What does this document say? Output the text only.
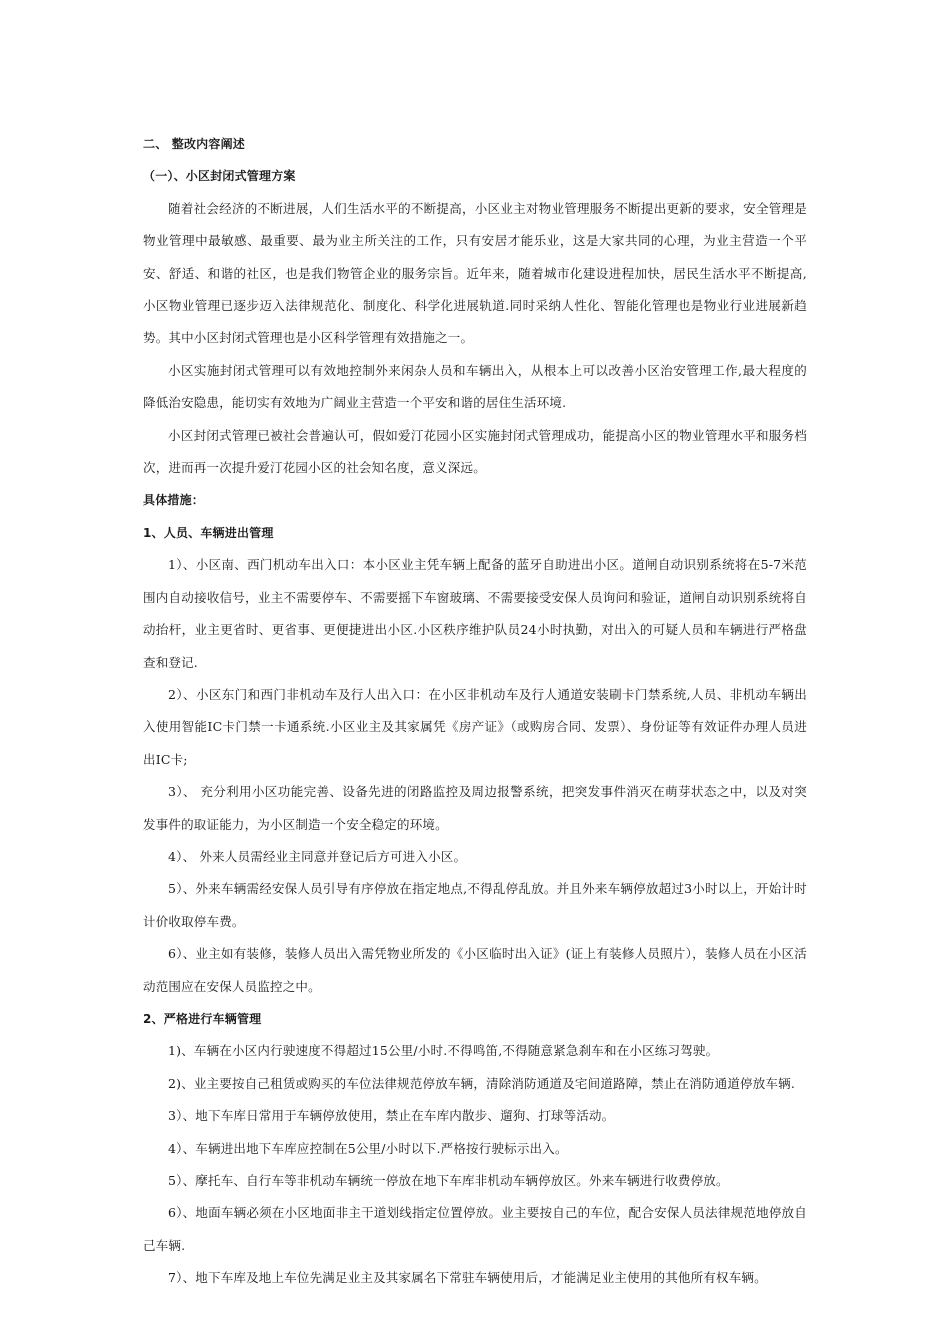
二、 整改内容阐述

（一）、小区封闭式管理方案

随着社会经济的不断进展，人们生活水平的不断提高，小区业主对物业管理服务不断提出更新的要求，安全管理是物业管理中最敏感、最重要、最为业主所关注的工作，只有安居才能乐业，这是大家共同的心理，为业主营造一个平安、舒适、和谐的社区，也是我们物管企业的服务宗旨。近年来，随着城市化建设进程加快，居民生活水平不断提高,小区物业管理已逐步迈入法律规范化、制度化、科学化进展轨道.同时采纳人性化、智能化管理也是物业行业进展新趋势。其中小区封闭式管理也是小区科学管理有效措施之一。

小区实施封闭式管理可以有效地控制外来闲杂人员和车辆出入，从根本上可以改善小区治安管理工作,最大程度的降低治安隐患，能切实有效地为广阔业主营造一个平安和谐的居住生活环境.

小区封闭式管理已被社会普遍认可，假如爱汀花园小区实施封闭式管理成功，能提高小区的物业管理水平和服务档次，进而再一次提升爱汀花园小区的社会知名度，意义深远。

具体措施：

1、人员、车辆进出管理

1）、小区南、西门机动车出入口：本小区业主凭车辆上配备的蓝牙自助进出小区。道闸自动识别系统将在5-7米范围内自动接收信号，业主不需要停车、不需要摇下车窗玻璃、不需要接受安保人员询问和验证，道闸自动识别系统将自动抬杆，业主更省时、更省事、更便捷进出小区.小区秩序维护队员24小时执勤，对出入的可疑人员和车辆进行严格盘查和登记.

2）、小区东门和西门非机动车及行人出入口：在小区非机动车及行人通道安装刷卡门禁系统,人员、非机动车辆出入使用智能IC卡门禁一卡通系统.小区业主及其家属凭《房产证》（或购房合同、发票）、身份证等有效证件办理人员进出IC卡;

3）、 充分利用小区功能完善、设备先进的闭路监控及周边报警系统，把突发事件消灭在萌芽状态之中，以及对突发事件的取证能力，为小区制造一个安全稳定的环境。

4）、 外来人员需经业主同意并登记后方可进入小区。

5）、外来车辆需经安保人员引导有序停放在指定地点,不得乱停乱放。并且外来车辆停放超过3小时以上，开始计时计价收取停车费。

6）、业主如有装修，装修人员出入需凭物业所发的《小区临时出入证》(证上有装修人员照片），装修人员在小区活动范围应在安保人员监控之中。

2、严格进行车辆管理

1)、车辆在小区内行驶速度不得超过15公里/小时.不得鸣笛,不得随意紧急刹车和在小区练习驾驶。

2)、业主要按自己租赁或购买的车位法律规范停放车辆，清除消防通道及宅间道路障，禁止在消防通道停放车辆.

3）、地下车库日常用于车辆停放使用，禁止在车库内散步、遛狗、打球等活动。

4）、车辆进出地下车库应控制在5公里/小时以下.严格按行驶标示出入。

5）、摩托车、自行车等非机动车辆统一停放在地下车库非机动车辆停放区。外来车辆进行收费停放。

6）、地面车辆必须在小区地面非主干道划线指定位置停放。业主要按自己的车位，配合安保人员法律规范地停放自己车辆.

7）、地下车库及地上车位先满足业主及其家属名下常驻车辆使用后，才能满足业主使用的其他所有权车辆。
